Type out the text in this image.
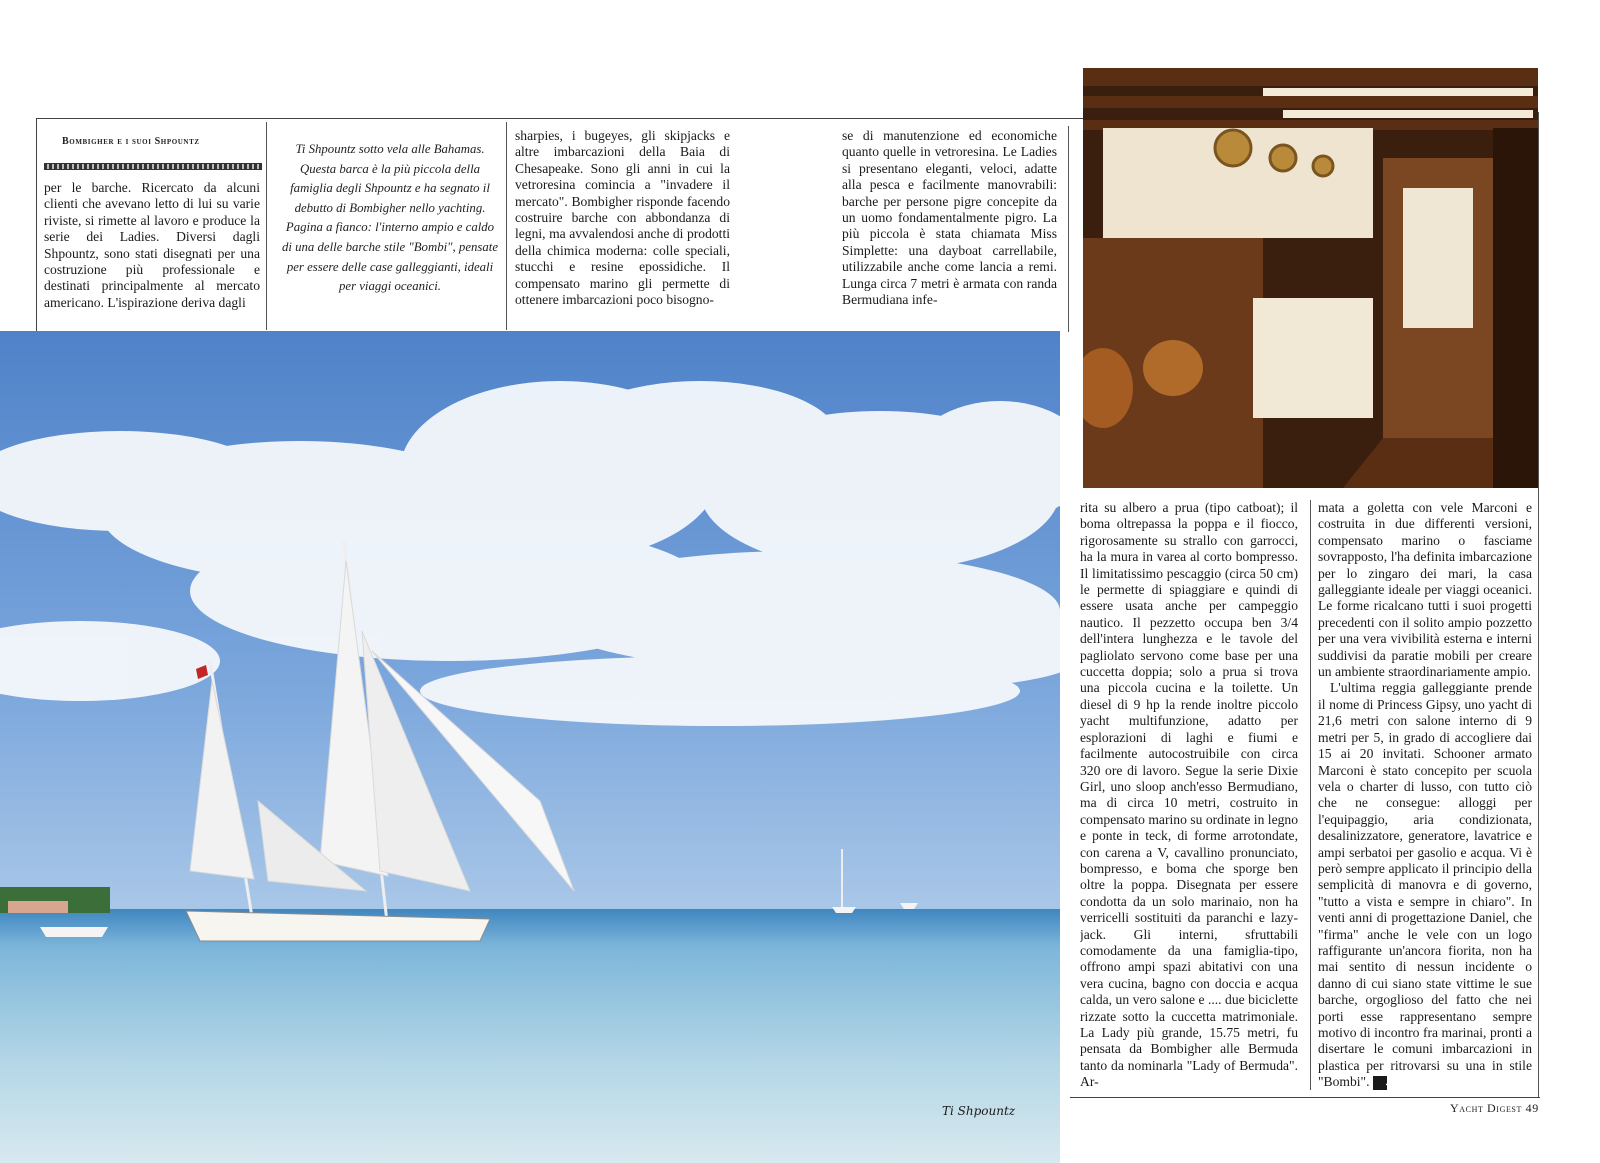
Bombigher e i suoi Shpountz

per le barche. Ricercato da alcuni clienti che avevano letto di lui su varie riviste, si rimette al lavoro e produce la serie dei Ladies. Diversi dagli Shpountz, sono stati disegnati per una costruzione più professionale e destinati principalmente al mercato americano. L'ispirazione deriva dagli

Ti Shpountz sotto vela alle Bahamas. Questa barca è la più piccola della famiglia degli Shpountz e ha segnato il debutto di Bombigher nello yachting. Pagina a fianco: l'interno ampio e caldo di una delle barche stile "Bombi", pensate per essere delle case galleggianti, ideali per viaggi oceanici.

sharpies, i bugeyes, gli skipjacks e altre imbarcazioni della Baia di Chesapeake. Sono gli anni in cui la vetroresina comincia a "invadere il mercato". Bombigher risponde facendo costruire barche con abbondanza di legni, ma avvalendosi anche di prodotti della chimica moderna: colle speciali, stucchi e resine epossidiche. Il compensato marino gli permette di ottenere imbarcazioni poco bisogno-

se di manutenzione ed economiche quanto quelle in vetroresina. Le Ladies si presentano eleganti, veloci, adatte alla pesca e facilmente manovrabili: barche per persone pigre concepite da un uomo fondamentalmente pigro. La più piccola è stata chiamata Miss Simplette: una dayboat carrellabile, utilizzabile anche come lancia a remi. Lunga circa 7 metri è armata con randa Bermudiana infe-

Ti Shpountz

rita su albero a prua (tipo catboat); il boma oltrepassa la poppa e il fiocco, rigorosamente su strallo con garrocci, ha la mura in varea al corto bompresso. Il limitatissimo pescaggio (circa 50 cm) le permette di spiaggiare e quindi di essere usata anche per campeggio nautico. Il pezzetto occupa ben 3/4 dell'intera lunghezza e le tavole del pagliolato servono come base per una cuccetta doppia; solo a prua si trova una piccola cucina e la toilette. Un diesel di 9 hp la rende inoltre piccolo yacht multifunzione, adatto per esplorazioni di laghi e fiumi e facilmente autocostruibile con circa 320 ore di lavoro. Segue la serie Dixie Girl, uno sloop anch'esso Bermudiano, ma di circa 10 metri, costruito in compensato marino su ordinate in legno e ponte in teck, di forme arrotondate, con carena a V, cavallino pronunciato, bompresso, e boma che sporge ben oltre la poppa. Disegnata per essere condotta da un solo marinaio, non ha verricelli sostituiti da paranchi e lazy-jack. Gli interni, sfruttabili comodamente da una famiglia-tipo, offrono ampi spazi abitativi con una vera cucina, bagno con doccia e acqua calda, un vero salone e .... due biciclette rizzate sotto la cuccetta matrimoniale. La Lady più grande, 15.75 metri, fu pensata da Bombigher alle Bermuda tanto da nominarla "Lady of Bermuda". Ar-

mata a goletta con vele Marconi e costruita in due differenti versioni, compensato marino o fasciame sovrapposto, l'ha definita imbarcazione per lo zingaro dei mari, la casa galleggiante ideale per viaggi oceanici. Le forme ricalcano tutti i suoi progetti precedenti con il solito ampio pozzetto per una vera vivibilità esterna e interni suddivisi da paratie mobili per creare un ambiente straordinariamente ampio.

L'ultima reggia galleggiante prende il nome di Princess Gipsy, uno yacht di 21,6 metri con salone interno di 9 metri per 5, in grado di accogliere dai 15 ai 20 invitati. Schooner armato Marconi è stato concepito per scuola vela o charter di lusso, con tutto ciò che ne consegue: alloggi per l'equipaggio, aria condizionata, desalinizzatore, generatore, lavatrice e ampi serbatoi per gasolio e acqua. Vi è però sempre applicato il principio della semplicità di manovra e di governo, "tutto a vista e sempre in chiaro". In venti anni di progettazione Daniel, che "firma" anche le vele con un logo raffigurante un'ancora fiorita, non ha mai sentito di nessun incidente o danno di cui siano state vittime le sue barche, orgoglioso del fatto che nei porti esse rappresentano sempre motivo di incontro fra marinai, pronti a disertare le comuni imbarcazioni in plastica per ritrovarsi su una in stile "Bombi". ⚓

Yacht Digest 49
